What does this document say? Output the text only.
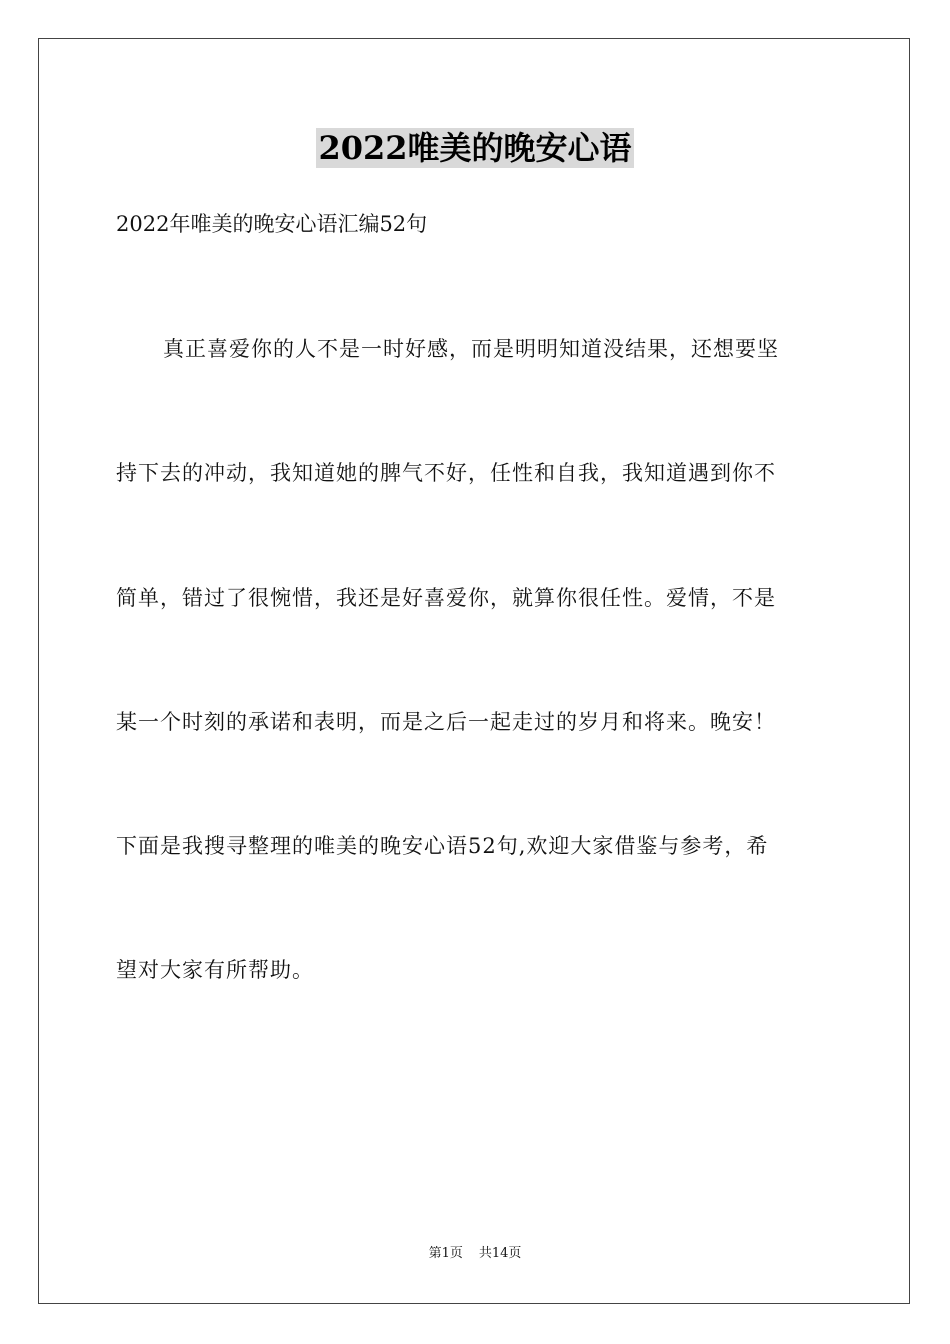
2022唯美的晚安心语
2022年唯美的晚安心语汇编52句
真正喜爱你的人不是一时好感，而是明明知道没结果，还想要坚
持下去的冲动，我知道她的脾气不好，任性和自我，我知道遇到你不
简单，错过了很惋惜，我还是好喜爱你，就算你很任性。爱情，不是
某一个时刻的承诺和表明，而是之后一起走过的岁月和将来。晚安！
下面是我搜寻整理的唯美的晚安心语52句,欢迎大家借鉴与参考，希
望对大家有所帮助。
第1页 共14页
